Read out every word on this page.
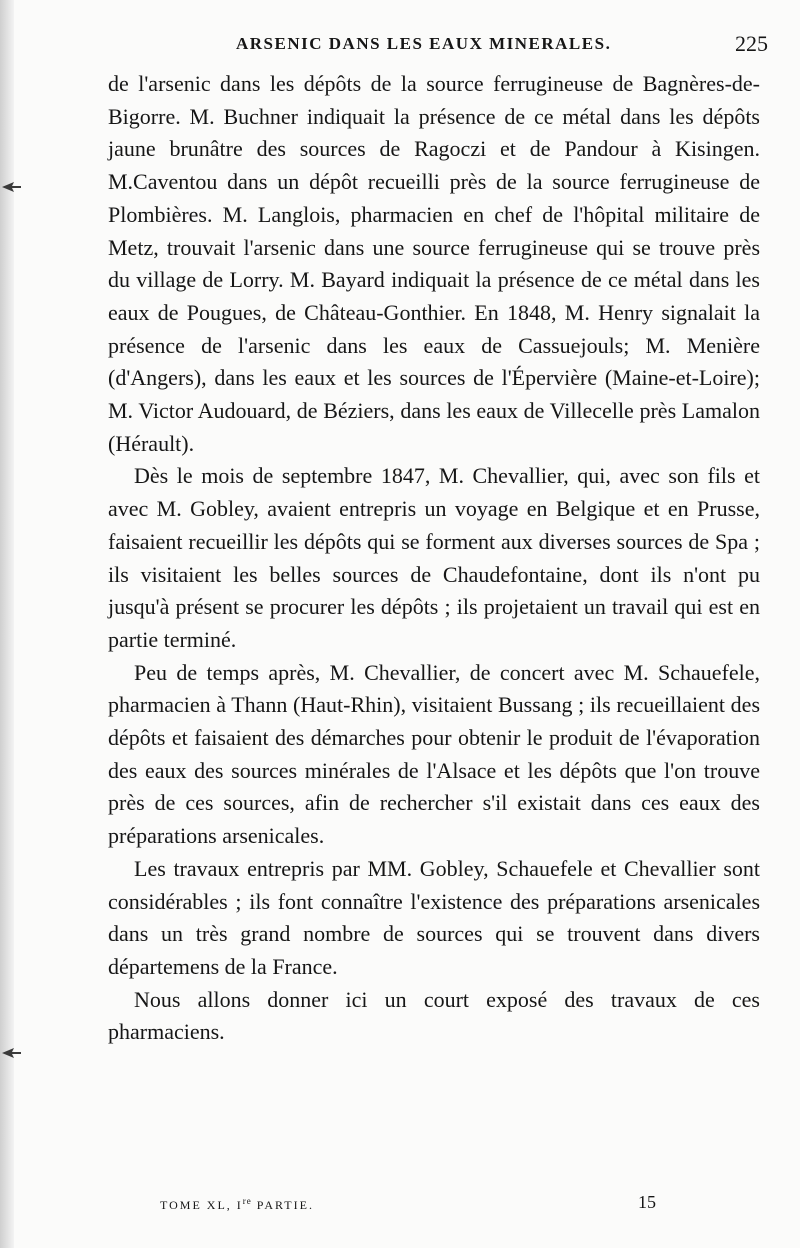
ARSENIC DANS LES EAUX MINERALES.	225

de l'arsenic dans les dépôts de la source ferrugineuse de Bagnères-de-Bigorre. M. Buchner indiquait la présence de ce métal dans les dépôts jaune brunâtre des sources de Ragoczi et de Pandour à Kisingen. M.Caventou dans un dépôt recueilli près de la source ferrugineuse de Plombières. M. Langlois, pharmacien en chef de l'hôpital militaire de Metz, trouvait l'arsenic dans une source ferrugineuse qui se trouve près du village de Lorry. M. Bayard indiquait la présence de ce métal dans les eaux de Pougues, de Château-Gonthier. En 1848, M. Henry signalait la présence de l'arsenic dans les eaux de Cassuejouls; M. Menière (d'Angers), dans les eaux et les sources de l'Épervière (Maine-et-Loire); M. Victor Audouard, de Béziers, dans les eaux de Villecelle près Lamalon (Hérault).

Dès le mois de septembre 1847, M. Chevallier, qui, avec son fils et avec M. Gobley, avaient entrepris un voyage en Belgique et en Prusse, faisaient recueillir les dépôts qui se forment aux diverses sources de Spa ; ils visitaient les belles sources de Chaudefontaine, dont ils n'ont pu jusqu'à présent se procurer les dépôts ; ils projetaient un travail qui est en partie terminé.

Peu de temps après, M. Chevallier, de concert avec M. Schauefele, pharmacien à Thann (Haut-Rhin), visitaient Bussang ; ils recueillaient des dépôts et faisaient des démarches pour obtenir le produit de l'évaporation des eaux des sources minérales de l'Alsace et les dépôts que l'on trouve près de ces sources, afin de rechercher s'il existait dans ces eaux des préparations arsenicales.

Les travaux entrepris par MM. Gobley, Schauefele et Chevallier sont considérables ; ils font connaître l'existence des préparations arsenicales dans un très grand nombre de sources qui se trouvent dans divers départemens de la France.

Nous allons donner ici un court exposé des travaux de ces pharmaciens.

TOME XL, Ire PARTIE.	15
